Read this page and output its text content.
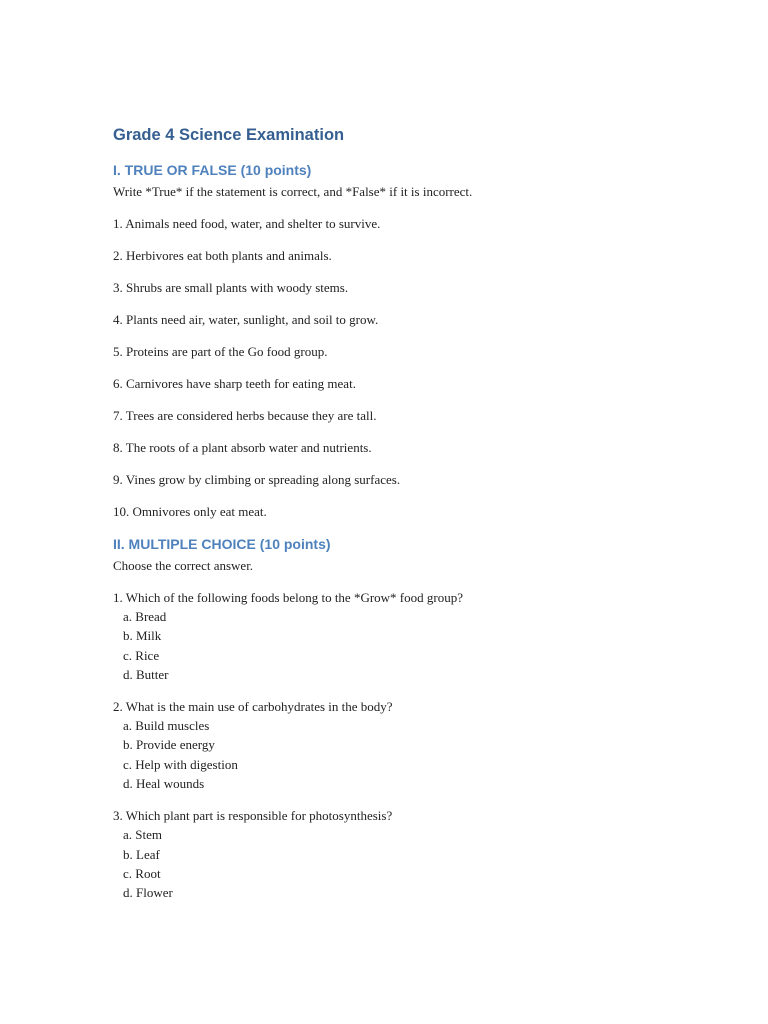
Grade 4 Science Examination
I. TRUE OR FALSE (10 points)

Write *True* if the statement is correct, and *False* if it is incorrect.

1. Animals need food, water, and shelter to survive.

2. Herbivores eat both plants and animals.

3. Shrubs are small plants with woody stems.

4. Plants need air, water, sunlight, and soil to grow.

5. Proteins are part of the Go food group.

6. Carnivores have sharp teeth for eating meat.

7. Trees are considered herbs because they are tall.

8. The roots of a plant absorb water and nutrients.

9. Vines grow by climbing or spreading along surfaces.

10. Omnivores only eat meat.

II. MULTIPLE CHOICE (10 points)

Choose the correct answer.

1. Which of the following foods belong to the *Grow* food group?

a. Bread

b. Milk

c. Rice

d. Butter

2. What is the main use of carbohydrates in the body?

a. Build muscles

b. Provide energy

c. Help with digestion

d. Heal wounds

3. Which plant part is responsible for photosynthesis?

a. Stem

b. Leaf

c. Root

d. Flower
